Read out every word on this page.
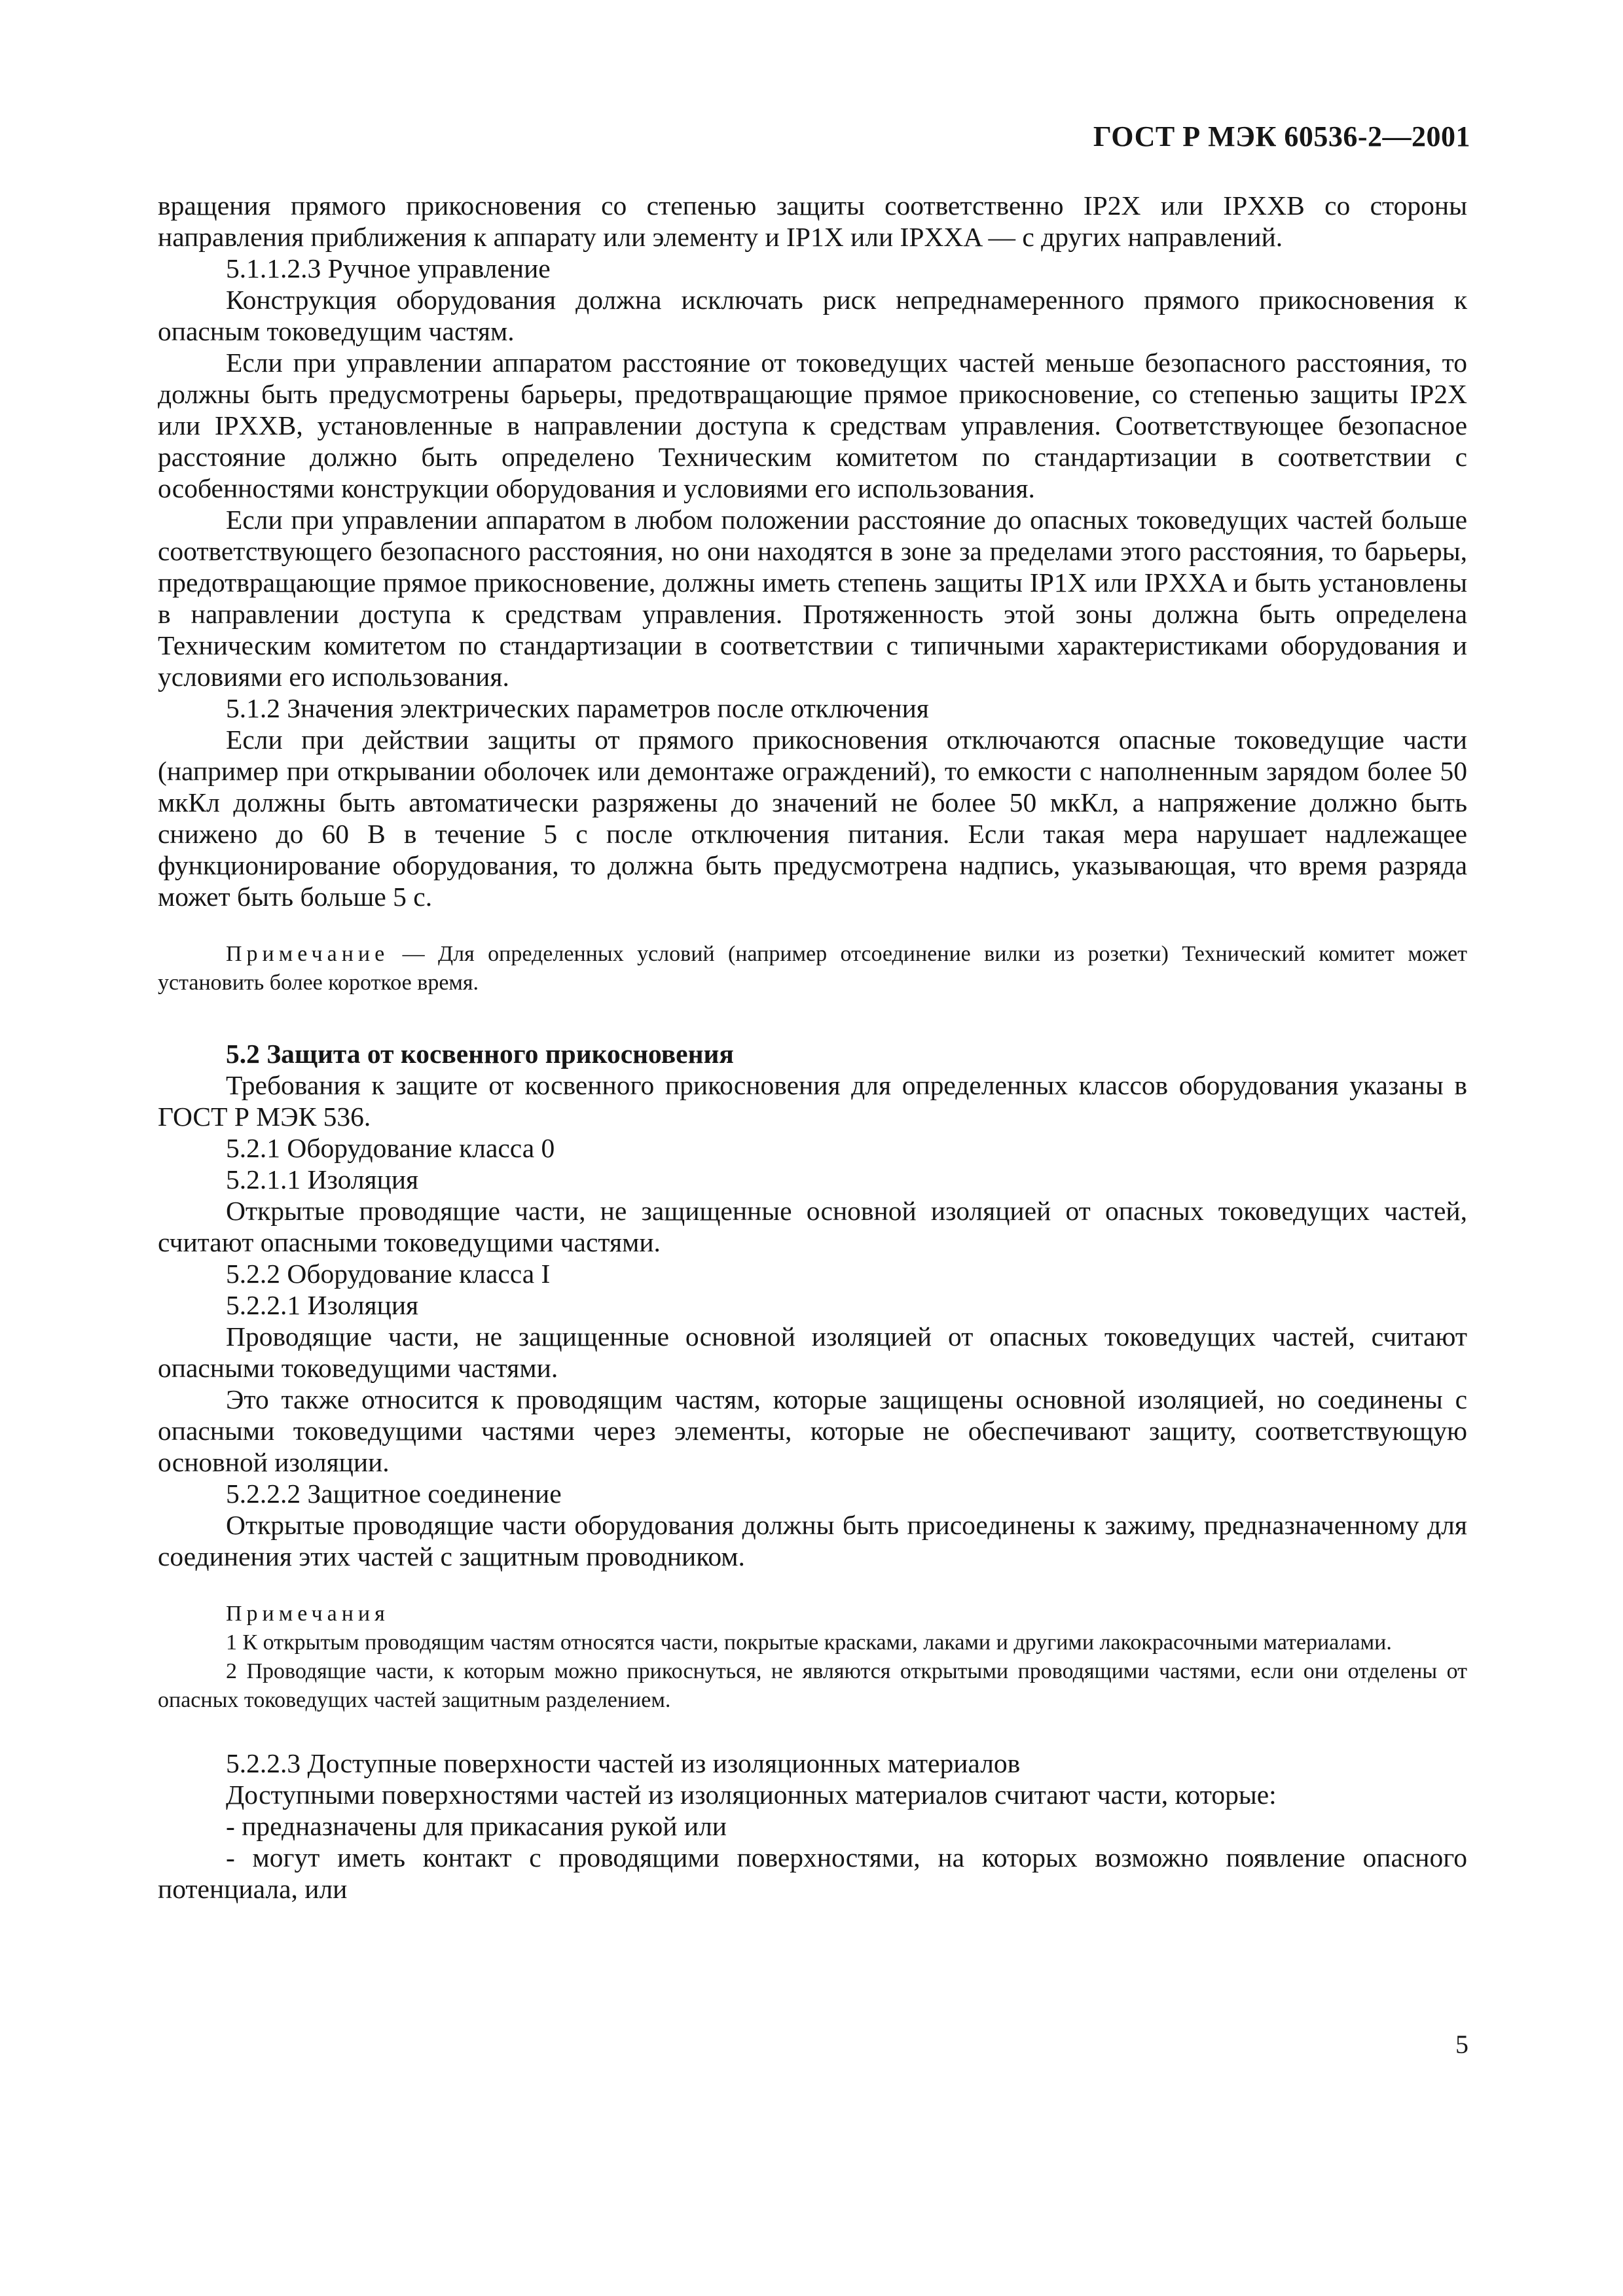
ГОСТ Р МЭК 60536-2—2001

вращения прямого прикосновения со степенью защиты соответственно IP2X или IPXXB со стороны направления приближения к аппарату или элементу и IP1X или IPXXA — с других направлений.

5.1.1.2.3 Ручное управление

Конструкция оборудования должна исключать риск непреднамеренного прямого прикосновения к опасным токоведущим частям.

Если при управлении аппаратом расстояние от токоведущих частей меньше безопасного расстояния, то должны быть предусмотрены барьеры, предотвращающие прямое прикосновение, со степенью защиты IP2X или IPXXB, установленные в направлении доступа к средствам управления. Соответствующее безопасное расстояние должно быть определено Техническим комитетом по стандартизации в соответствии с особенностями конструкции оборудования и условиями его использования.

Если при управлении аппаратом в любом положении расстояние до опасных токоведущих частей больше соответствующего безопасного расстояния, но они находятся в зоне за пределами этого расстояния, то барьеры, предотвращающие прямое прикосновение, должны иметь степень защиты IP1X или IPXXA и быть установлены в направлении доступа к средствам управления. Протяженность этой зоны должна быть определена Техническим комитетом по стандартизации в соответствии с типичными характеристиками оборудования и условиями его использования.

5.1.2 Значения электрических параметров после отключения

Если при действии защиты от прямого прикосновения отключаются опасные токоведущие части (например при открывании оболочек или демонтаже ограждений), то емкости с наполненным зарядом более 50 мкКл должны быть автоматически разряжены до значений не более 50 мкКл, а напряжение должно быть снижено до 60 В в течение 5 с после отключения питания. Если такая мера нарушает надлежащее функционирование оборудования, то должна быть предусмотрена надпись, указывающая, что время разряда может быть больше 5 с.

Примечание — Для определенных условий (например отсоединение вилки из розетки) Технический комитет может установить более короткое время.

5.2 Защита от косвенного прикосновения

Требования к защите от косвенного прикосновения для определенных классов оборудования указаны в ГОСТ Р МЭК 536.

5.2.1 Оборудование класса 0

5.2.1.1 Изоляция

Открытые проводящие части, не защищенные основной изоляцией от опасных токоведущих частей, считают опасными токоведущими частями.

5.2.2 Оборудование класса I

5.2.2.1 Изоляция

Проводящие части, не защищенные основной изоляцией от опасных токоведущих частей, считают опасными токоведущими частями.

Это также относится к проводящим частям, которые защищены основной изоляцией, но соединены с опасными токоведущими частями через элементы, которые не обеспечивают защиту, соответствующую основной изоляции.

5.2.2.2 Защитное соединение

Открытые проводящие части оборудования должны быть присоединены к зажиму, предназначенному для соединения этих частей с защитным проводником.

Примечания

1 К открытым проводящим частям относятся части, покрытые красками, лаками и другими лакокрасочными материалами.

2 Проводящие части, к которым можно прикоснуться, не являются открытыми проводящими частями, если они отделены от опасных токоведущих частей защитным разделением.

5.2.2.3 Доступные поверхности частей из изоляционных материалов

Доступными поверхностями частей из изоляционных материалов считают части, которые:

- предназначены для прикасания рукой или

- могут иметь контакт с проводящими поверхностями, на которых возможно появление опасного потенциала, или

5
